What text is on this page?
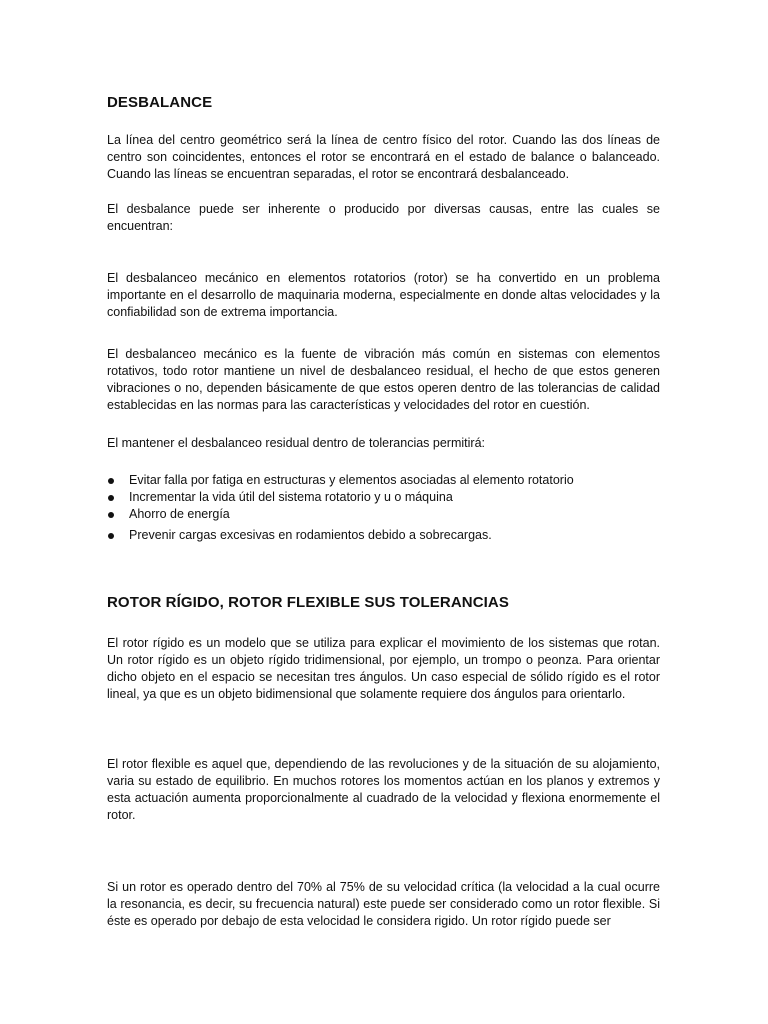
DESBALANCE

La línea del centro geométrico será la línea de centro físico del rotor. Cuando las dos líneas de centro son coincidentes, entonces el rotor se encontrará en el estado de balance o balanceado. Cuando las líneas se encuentran separadas, el rotor se encontrará desbalanceado.

El desbalance puede ser inherente o producido por diversas causas, entre las cuales se encuentran:

El desbalanceo mecánico en elementos rotatorios (rotor) se ha convertido en un problema importante en el desarrollo de maquinaria moderna, especialmente en donde altas velocidades y la confiabilidad son de extrema importancia.

El desbalanceo mecánico es la fuente de vibración más común en sistemas con elementos rotativos, todo rotor mantiene un nivel de desbalanceo residual, el hecho de que estos generen vibraciones o no, dependen básicamente de que estos operen dentro de las tolerancias de calidad establecidas en las normas para las características y velocidades del rotor en cuestión.

El mantener el desbalanceo residual dentro de tolerancias permitirá:

Evitar falla por fatiga en estructuras y elementos asociadas al elemento rotatorio
Incrementar la vida útil del sistema rotatorio y u o máquina
Ahorro de energía
Prevenir cargas excesivas en rodamientos debido a sobrecargas.
ROTOR RÍGIDO, ROTOR FLEXIBLE SUS TOLERANCIAS

El rotor rígido es un modelo que se utiliza para explicar el movimiento de los sistemas que rotan. Un rotor rígido es un objeto rígido tridimensional, por ejemplo, un trompo o peonza. Para orientar dicho objeto en el espacio se necesitan tres ángulos. Un caso especial de sólido rígido es el rotor lineal, ya que es un objeto bidimensional que solamente requiere dos ángulos para orientarlo.

El rotor flexible es aquel que, dependiendo de las revoluciones y de la situación de su alojamiento, varia su estado de equilibrio. En muchos rotores los momentos actúan en los planos y extremos y esta actuación aumenta proporcionalmente al cuadrado de la velocidad y flexiona enormemente el rotor.

Si un rotor es operado dentro del 70% al 75% de su velocidad crítica (la velocidad a la cual ocurre la resonancia, es decir, su frecuencia natural) este puede ser considerado como un rotor flexible. Si éste es operado por debajo de esta velocidad le considera rigido. Un rotor rígido puede ser
